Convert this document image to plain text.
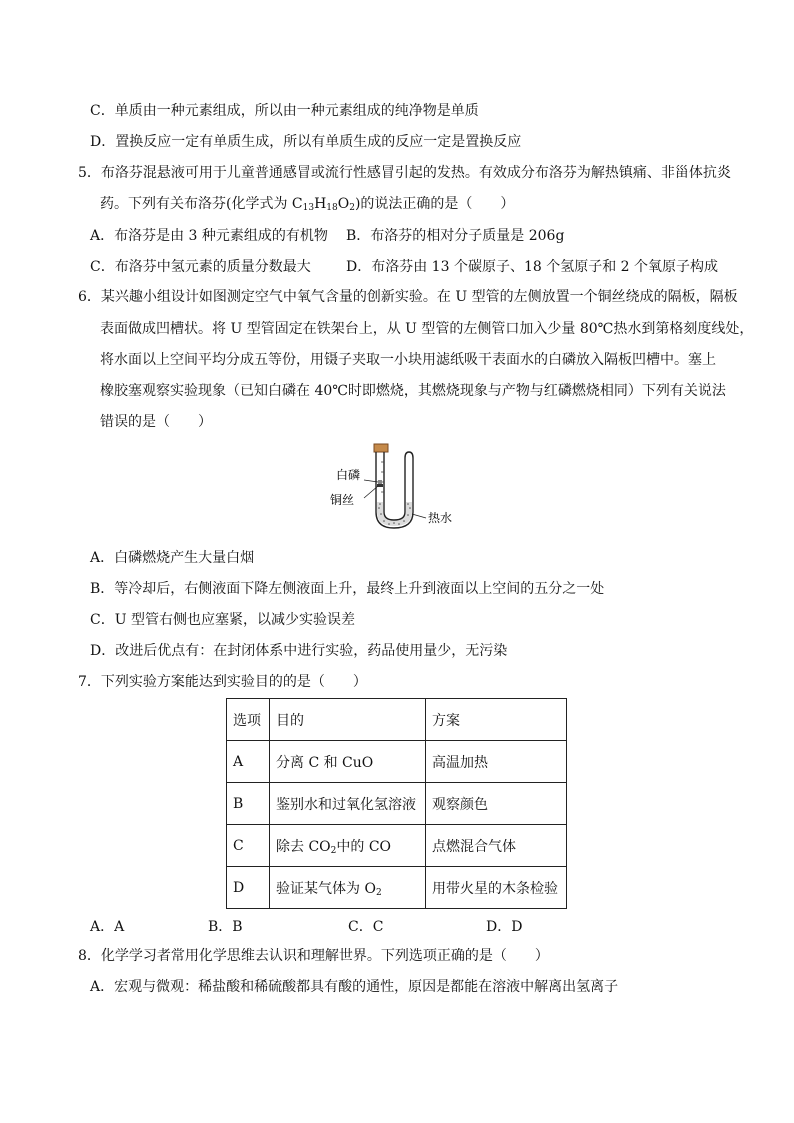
C．单质由一种元素组成，所以由一种元素组成的纯净物是单质
D．置换反应一定有单质生成，所以有单质生成的反应一定是置换反应
5．布洛芬混悬液可用于儿童普通感冒或流行性感冒引起的发热。有效成分布洛芬为解热镇痛、非甾体抗炎
药。下列有关布洛芬(化学式为 $C_{13}H_{18}O_2$)的说法正确的是（　　）
A．布洛芬是由 3 种元素组成的有机物 B．布洛芬的相对分子质量是 206g
C．布洛芬中氢元素的质量分数最大	D．布洛芬由 13 个碳原子、18 个氢原子和 2 个氧原子构成
6．某兴趣小组设计如图测定空气中氧气含量的创新实验。在 U 型管的左侧放置一个铜丝绕成的隔板，隔板
表面做成凹槽状。将 U 型管固定在铁架台上，从 U 型管的左侧管口加入少量 80℃热水到第格刻度线处，
将水面以上空间平均分成五等份，用镊子夹取一小块用滤纸吸干表面水的白磷放入隔板凹槽中。塞上
橡胶塞观察实验现象（已知白磷在 40℃时即燃烧，其燃烧现象与产物与红磷燃烧相同）下列有关说法
错误的是（　　）
白磷
铜丝
热水
A．白磷燃烧产生大量白烟
B．等冷却后，右侧液面下降左侧液面上升，最终上升到液面以上空间的五分之一处
C．U 型管右侧也应塞紧，以减少实验误差
D．改进后优点有：在封闭体系中进行实验，药品使用量少，无污染
7．下列实验方案能达到实验目的的是（　　）
选项	目的	方案
A	分离 C 和 CuO	高温加热
B	鉴别水和过氧化氢溶液	观察颜色
C	除去 $CO_2$中的 CO	点燃混合气体
D	验证某气体为 $O_2$	用带火星的木条检验
A．A	B．B	C．C	D．D
8．化学学习者常用化学思维去认识和理解世界。下列选项正确的是（　　）
A．宏观与微观：稀盐酸和稀硫酸都具有酸的通性，原因是都能在溶液中解离出氢离子
